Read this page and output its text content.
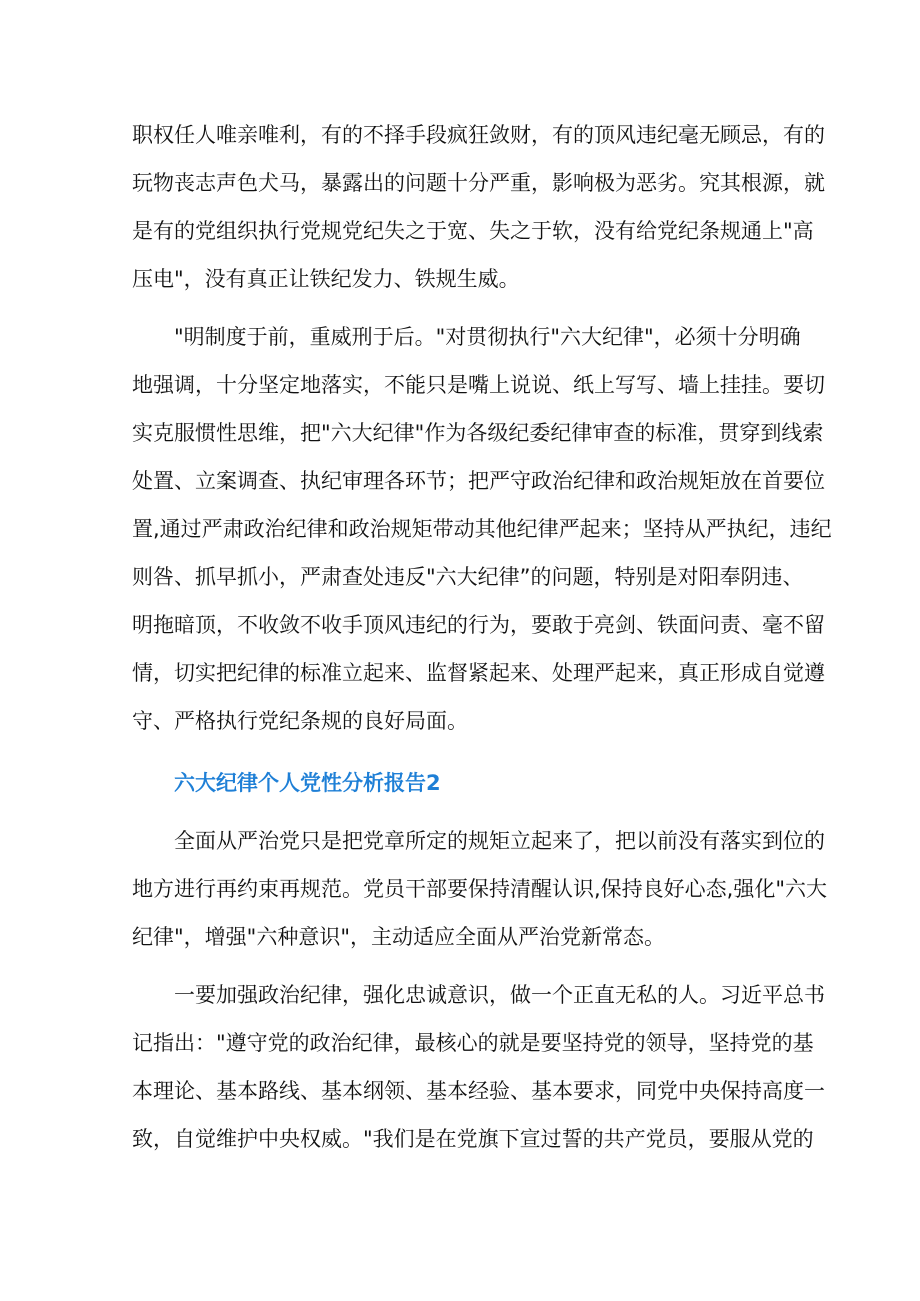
职权任人唯亲唯利，有的不择手段疯狂敛财，有的顶风违纪毫无顾忌，有的
玩物丧志声色犬马，暴露出的问题十分严重，影响极为恶劣。究其根源，就
是有的党组织执行党规党纪失之于宽、失之于软，没有给党纪条规通上"高
压电"，没有真正让铁纪发力、铁规生威。
"明制度于前，重威刑于后。"对贯彻执行"六大纪律"，必须十分明确
地强调，十分坚定地落实，不能只是嘴上说说、纸上写写、墙上挂挂。要切
实克服惯性思维，把"六大纪律"作为各级纪委纪律审查的标准，贯穿到线索
处置、立案调查、执纪审理各环节；把严守政治纪律和政治规矩放在首要位
置,通过严肃政治纪律和政治规矩带动其他纪律严起来；坚持从严执纪，违纪
则咎、抓早抓小，严肃查处违反"六大纪律”的问题，特别是对阳奉阴违、
明拖暗顶，不收敛不收手顶风违纪的行为，要敢于亮剑、铁面问责、毫不留
情，切实把纪律的标准立起来、监督紧起来、处理严起来，真正形成自觉遵
守、严格执行党纪条规的良好局面。
六大纪律个人党性分析报告2
全面从严治党只是把党章所定的规矩立起来了，把以前没有落实到位的
地方进行再约束再规范。党员干部要保持清醒认识,保持良好心态,强化"六大
纪律"，增强"六种意识"，主动适应全面从严治党新常态。
一要加强政治纪律，强化忠诚意识，做一个正直无私的人。习近平总书
记指出："遵守党的政治纪律，最核心的就是要坚持党的领导，坚持党的基
本理论、基本路线、基本纲领、基本经验、基本要求，同党中央保持高度一
致，自觉维护中央权威。"我们是在党旗下宣过誓的共产党员，要服从党的
